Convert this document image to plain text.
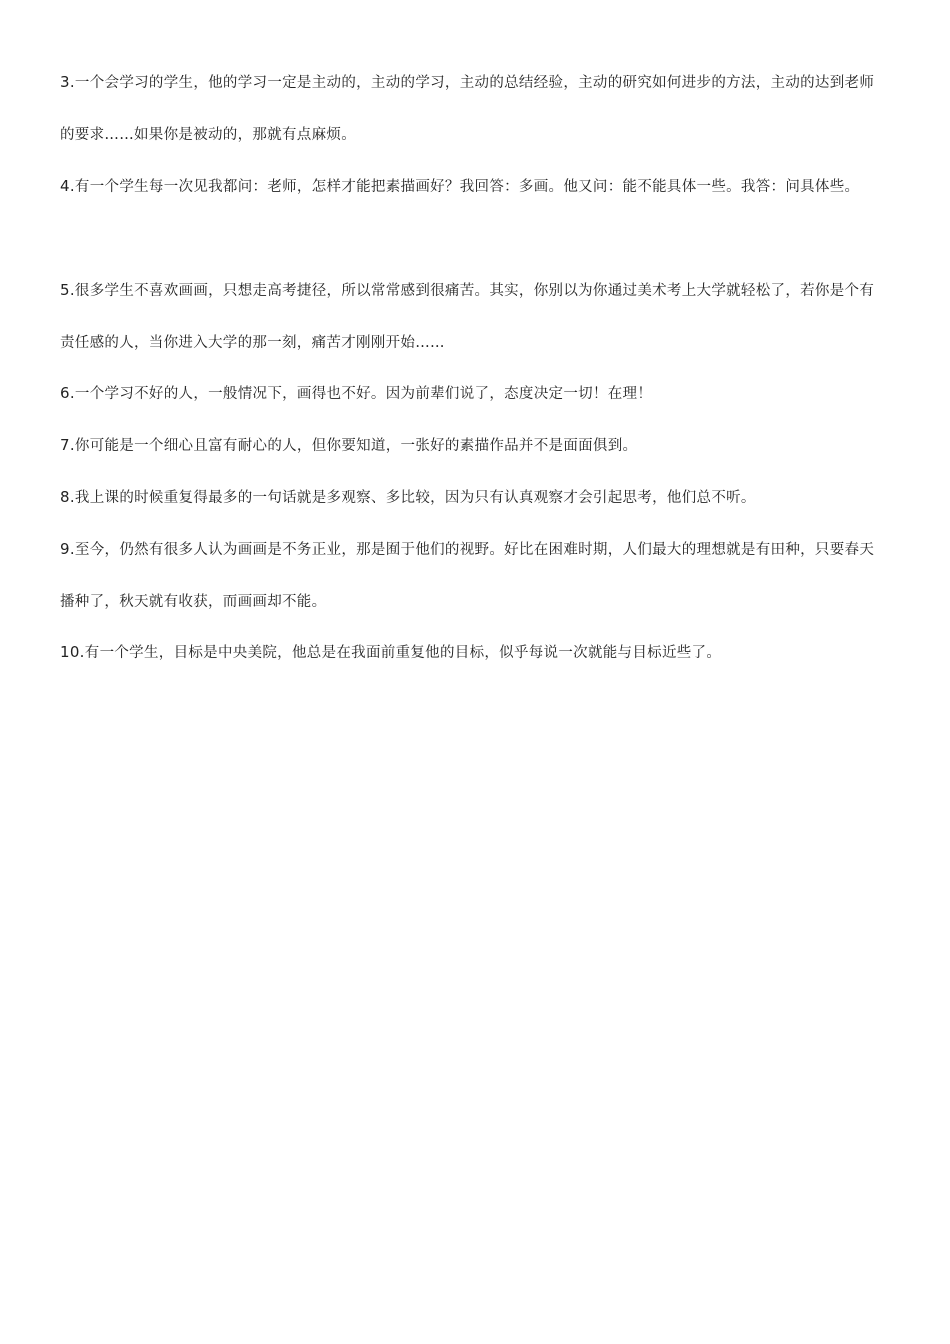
3.一个会学习的学生，他的学习一定是主动的，主动的学习，主动的总结经验，主动的研究如何进步的方法，主动的达到老师的要求……如果你是被动的，那就有点麻烦。

4.有一个学生每一次见我都问：老师，怎样才能把素描画好？我回答：多画。他又问：能不能具体一些。我答：问具体些。

5.很多学生不喜欢画画，只想走高考捷径，所以常常感到很痛苦。其实，你别以为你通过美术考上大学就轻松了，若你是个有责任感的人，当你进入大学的那一刻，痛苦才刚刚开始……

6.一个学习不好的人，一般情况下，画得也不好。因为前辈们说了，态度决定一切！在理！

7.你可能是一个细心且富有耐心的人，但你要知道，一张好的素描作品并不是面面俱到。

8.我上课的时候重复得最多的一句话就是多观察、多比较，因为只有认真观察才会引起思考，他们总不听。

9.至今，仍然有很多人认为画画是不务正业，那是囿于他们的视野。好比在困难时期，人们最大的理想就是有田种，只要春天播种了，秋天就有收获，而画画却不能。

10.有一个学生，目标是中央美院，他总是在我面前重复他的目标，似乎每说一次就能与目标近些了。
